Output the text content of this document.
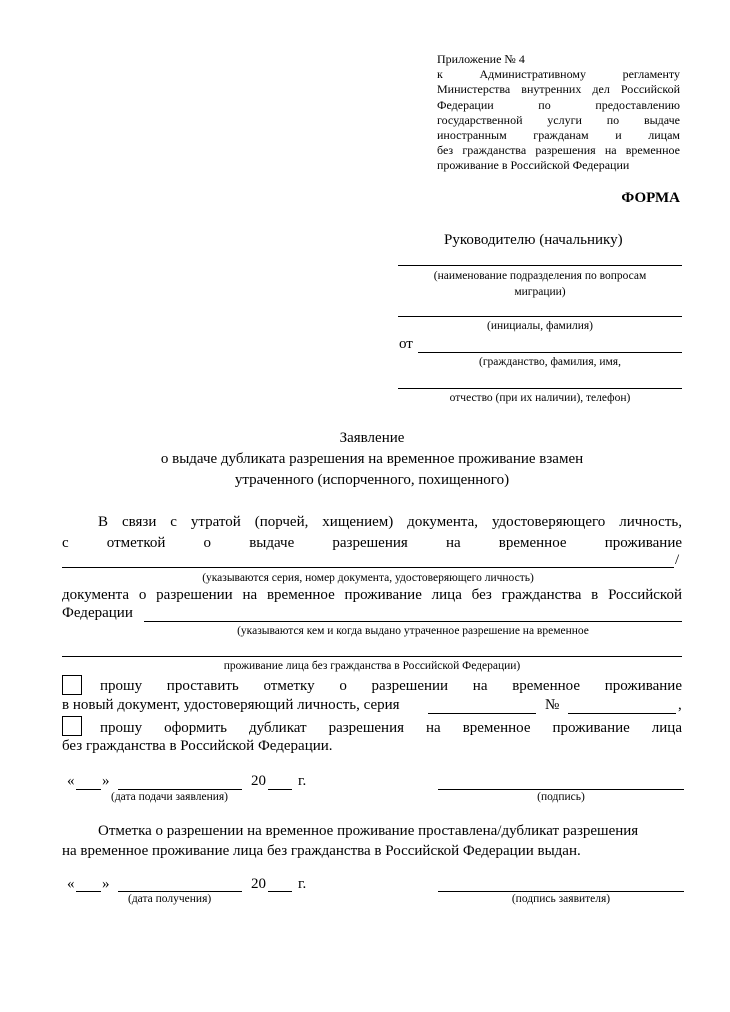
Приложение № 4
к Административному регламенту
Министерства внутренних дел Российской
Федерации по предоставлению
государственной услуги по выдаче
иностранным гражданам и лицам
без гражданства разрешения на временное
проживание в Российской Федерации
ФОРМА
Руководителю (начальнику)
(наименование подразделения по вопросам
миграции)
(инициалы, фамилия)
от
(гражданство, фамилия, имя,
отчество (при их наличии), телефон)
Заявление
о выдаче дубликата разрешения на временное проживание взамен
утраченного (испорченного, похищенного)
В связи с утратой (порчей, хищением) документа, удостоверяющего личность,
с отметкой о выдаче разрешения на временное проживание
/
(указываются серия, номер документа, удостоверяющего личность)
документа о разрешении на временное проживание лица без гражданства в Российской
Федерации
(указываются кем и когда выдано утраченное разрешение на временное
проживание лица без гражданства в Российской Федерации)
прошу проставить отметку о разрешении на временное проживание
в новый документ, удостоверяющий личность, серия	№	,
прошу оформить дубликат разрешения на временное проживание лица
без гражданства в Российской Федерации.
« »	20 г.
(дата подачи заявления)	(подпись)
Отметка о разрешении на временное проживание проставлена/дубликат разрешения
на временное проживание лица без гражданства в Российской Федерации выдан.
« »	20 г.
(дата получения)	(подпись заявителя)
